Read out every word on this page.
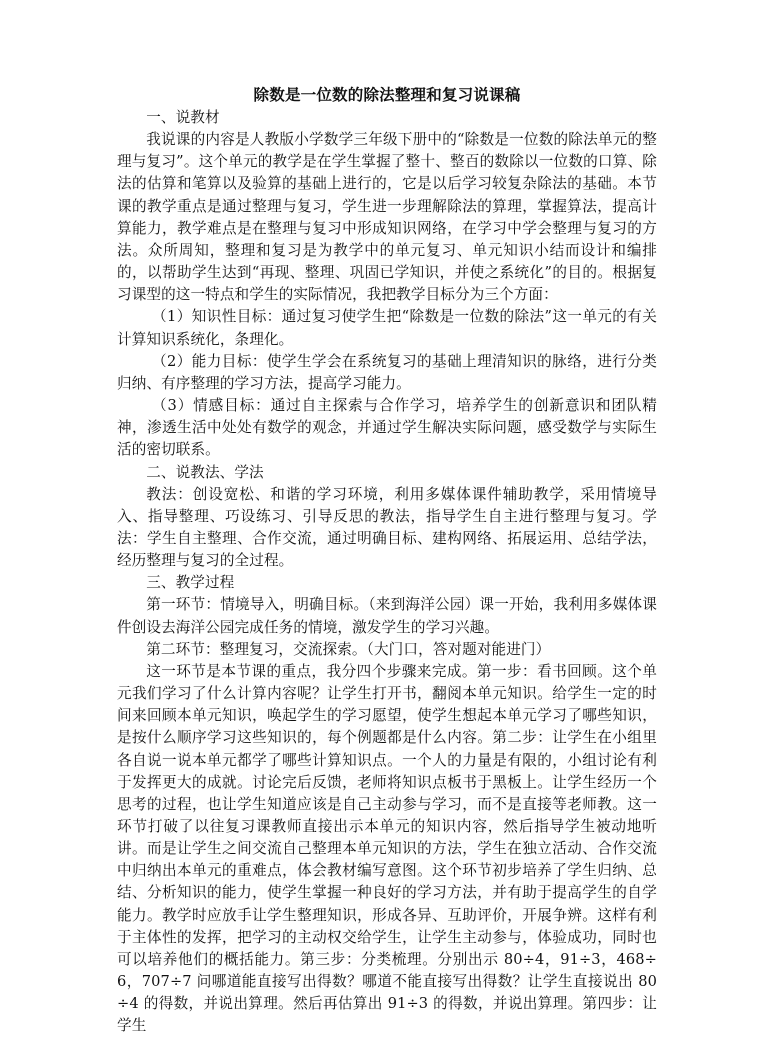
除数是一位数的除法整理和复习说课稿

一、说教材

我说课的内容是人教版小学数学三年级下册中的“除数是一位数的除法单元的整理与复习”。这个单元的教学是在学生掌握了整十、整百的数除以一位数的口算、除法的估算和笔算以及验算的基础上进行的，它是以后学习较复杂除法的基础。本节课的教学重点是通过整理与复习，学生进一步理解除法的算理，掌握算法，提高计算能力，教学难点是在整理与复习中形成知识网络，在学习中学会整理与复习的方法。众所周知，整理和复习是为教学中的单元复习、单元知识小结而设计和编排的，以帮助学生达到“再现、整理、巩固已学知识，并使之系统化”的目的。根据复习课型的这一特点和学生的实际情况，我把教学目标分为三个方面：

（1）知识性目标：通过复习使学生把“除数是一位数的除法”这一单元的有关计算知识系统化，条理化。

（2）能力目标：使学生学会在系统复习的基础上理清知识的脉络，进行分类归纳、有序整理的学习方法，提高学习能力。

（3）情感目标：通过自主探索与合作学习，培养学生的创新意识和团队精神，渗透生活中处处有数学的观念，并通过学生解决实际问题，感受数学与实际生活的密切联系。

二、说教法、学法

教法：创设宽松、和谐的学习环境，利用多媒体课件辅助教学，采用情境导入、指导整理、巧设练习、引导反思的教法，指导学生自主进行整理与复习。学法：学生自主整理、合作交流，通过明确目标、建构网络、拓展运用、总结学法，经历整理与复习的全过程。

三、教学过程

第一环节：情境导入，明确目标。（来到海洋公园）课一开始，我利用多媒体课件创设去海洋公园完成任务的情境，激发学生的学习兴趣。

第二环节：整理复习，交流探索。（大门口，答对题对能进门）

这一环节是本节课的重点，我分四个步骤来完成。第一步：看书回顾。这个单元我们学习了什么计算内容呢？让学生打开书，翻阅本单元知识。给学生一定的时间来回顾本单元知识，唤起学生的学习愿望，使学生想起本单元学习了哪些知识，是按什么顺序学习这些知识的，每个例题都是什么内容。第二步：让学生在小组里各自说一说本单元都学了哪些计算知识点。一个人的力量是有限的，小组讨论有利于发挥更大的成就。讨论完后反馈，老师将知识点板书于黑板上。让学生经历一个思考的过程，也让学生知道应该是自己主动参与学习，而不是直接等老师教。这一环节打破了以往复习课教师直接出示本单元的知识内容，然后指导学生被动地听讲。而是让学生之间交流自己整理本单元知识的方法，学生在独立活动、合作交流中归纳出本单元的重难点，体会教材编写意图。这个环节初步培养了学生归纳、总结、分析知识的能力，使学生掌握一种良好的学习方法，并有助于提高学生的自学能力。教学时应放手让学生整理知识，形成各异、互助评价，开展争辨。这样有利于主体性的发挥，把学习的主动权交给学生，让学生主动参与，体验成功，同时也可以培养他们的概括能力。第三步：分类梳理。分别出示 80÷4，91÷3，468÷6，707÷7 问哪道能直接写出得数？哪道不能直接写出得数？让学生直接说出 80÷4 的得数，并说出算理。然后再估算出 91÷3 的得数，并说出算理。第四步：让学生
